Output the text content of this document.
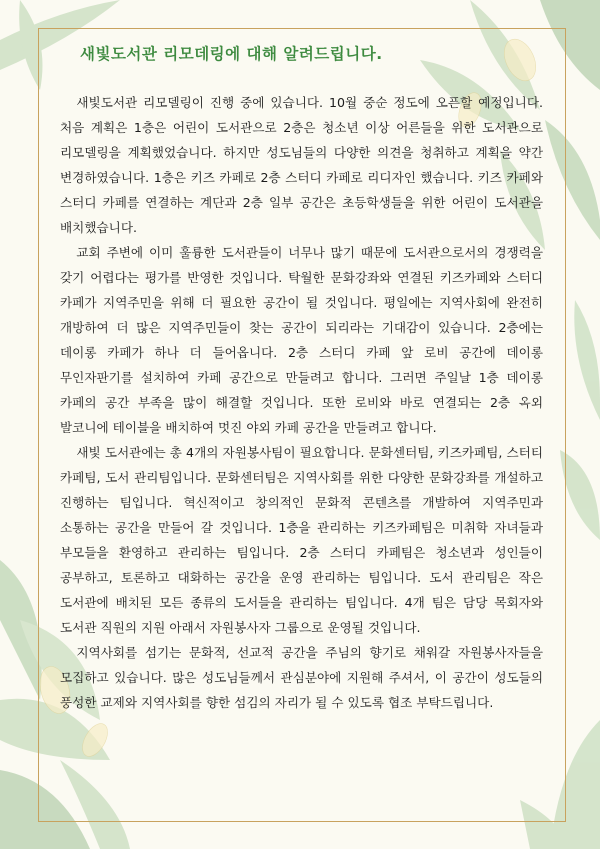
새빛도서관 리모데링에 대해 알려드립니다.

새빛도서관 리모델링이 진행 중에 있습니다. 10월 중순 정도에 오픈할 예정입니다. 처음 계획은 1층은 어린이 도서관으로 2층은 청소년 이상 어른들을 위한 도서관으로 리모델링을 계획했었습니다. 하지만 성도님들의 다양한 의견을 청취하고 계획을 약간 변경하였습니다. 1층은 키즈 카페로 2층 스터디 카페로 리디자인 했습니다. 키즈 카페와 스터디 카페를 연결하는 계단과 2층 일부 공간은 초등학생들을 위한 어린이 도서관을 배치했습니다.

교회 주변에 이미 훌륭한 도서관들이 너무나 많기 때문에 도서관으로서의 경쟁력을 갖기 어렵다는 평가를 반영한 것입니다. 탁월한 문화강좌와 연결된 키즈카페와 스터디 카페가 지역주민을 위해 더 필요한 공간이 될 것입니다. 평일에는 지역사회에 완전히 개방하여 더 많은 지역주민들이 찾는 공간이 되리라는 기대감이 있습니다. 2층에는 데이롱 카페가 하나 더 들어옵니다. 2층 스터디 카페 앞 로비 공간에 데이롱 무인자판기를 설치하여 카페 공간으로 만들려고 합니다. 그러면 주일날 1층 데이롱 카페의 공간 부족을 많이 해결할 것입니다. 또한 로비와 바로 연결되는 2층 옥외 발코니에 테이블을 배치하여 멋진 야외 카페 공간을 만들려고 합니다.

새빛 도서관에는 총 4개의 자원봉사팀이 필요합니다. 문화센터팀, 키즈카페팀, 스터티 카페팀, 도서 관리팀입니다. 문화센터팀은 지역사회를 위한 다양한 문화강좌를 개설하고 진행하는 팀입니다. 혁신적이고 창의적인 문화적 콘텐츠를 개발하여 지역주민과 소통하는 공간을 만들어 갈 것입니다. 1층을 관리하는 키즈카페팀은 미취학 자녀들과 부모들을 환영하고 관리하는 팀입니다. 2층 스터디 카페팀은 청소년과 성인들이 공부하고, 토론하고 대화하는 공간을 운영 관리하는 팀입니다. 도서 관리팀은 작은 도서관에 배치된 모든 종류의 도서들을 관리하는 팀입니다. 4개 팀은 담당 목회자와 도서관 직원의 지원 아래서 자원봉사자 그룹으로 운영될 것입니다.

지역사회를 섬기는 문화적, 선교적 공간을 주님의 향기로 채워갈 자원봉사자들을 모집하고 있습니다. 많은 성도님들께서 관심분야에 지원해 주셔서, 이 공간이 성도들의 풍성한 교제와 지역사회를 향한 섬김의 자리가 될 수 있도록 협조 부탁드립니다.
